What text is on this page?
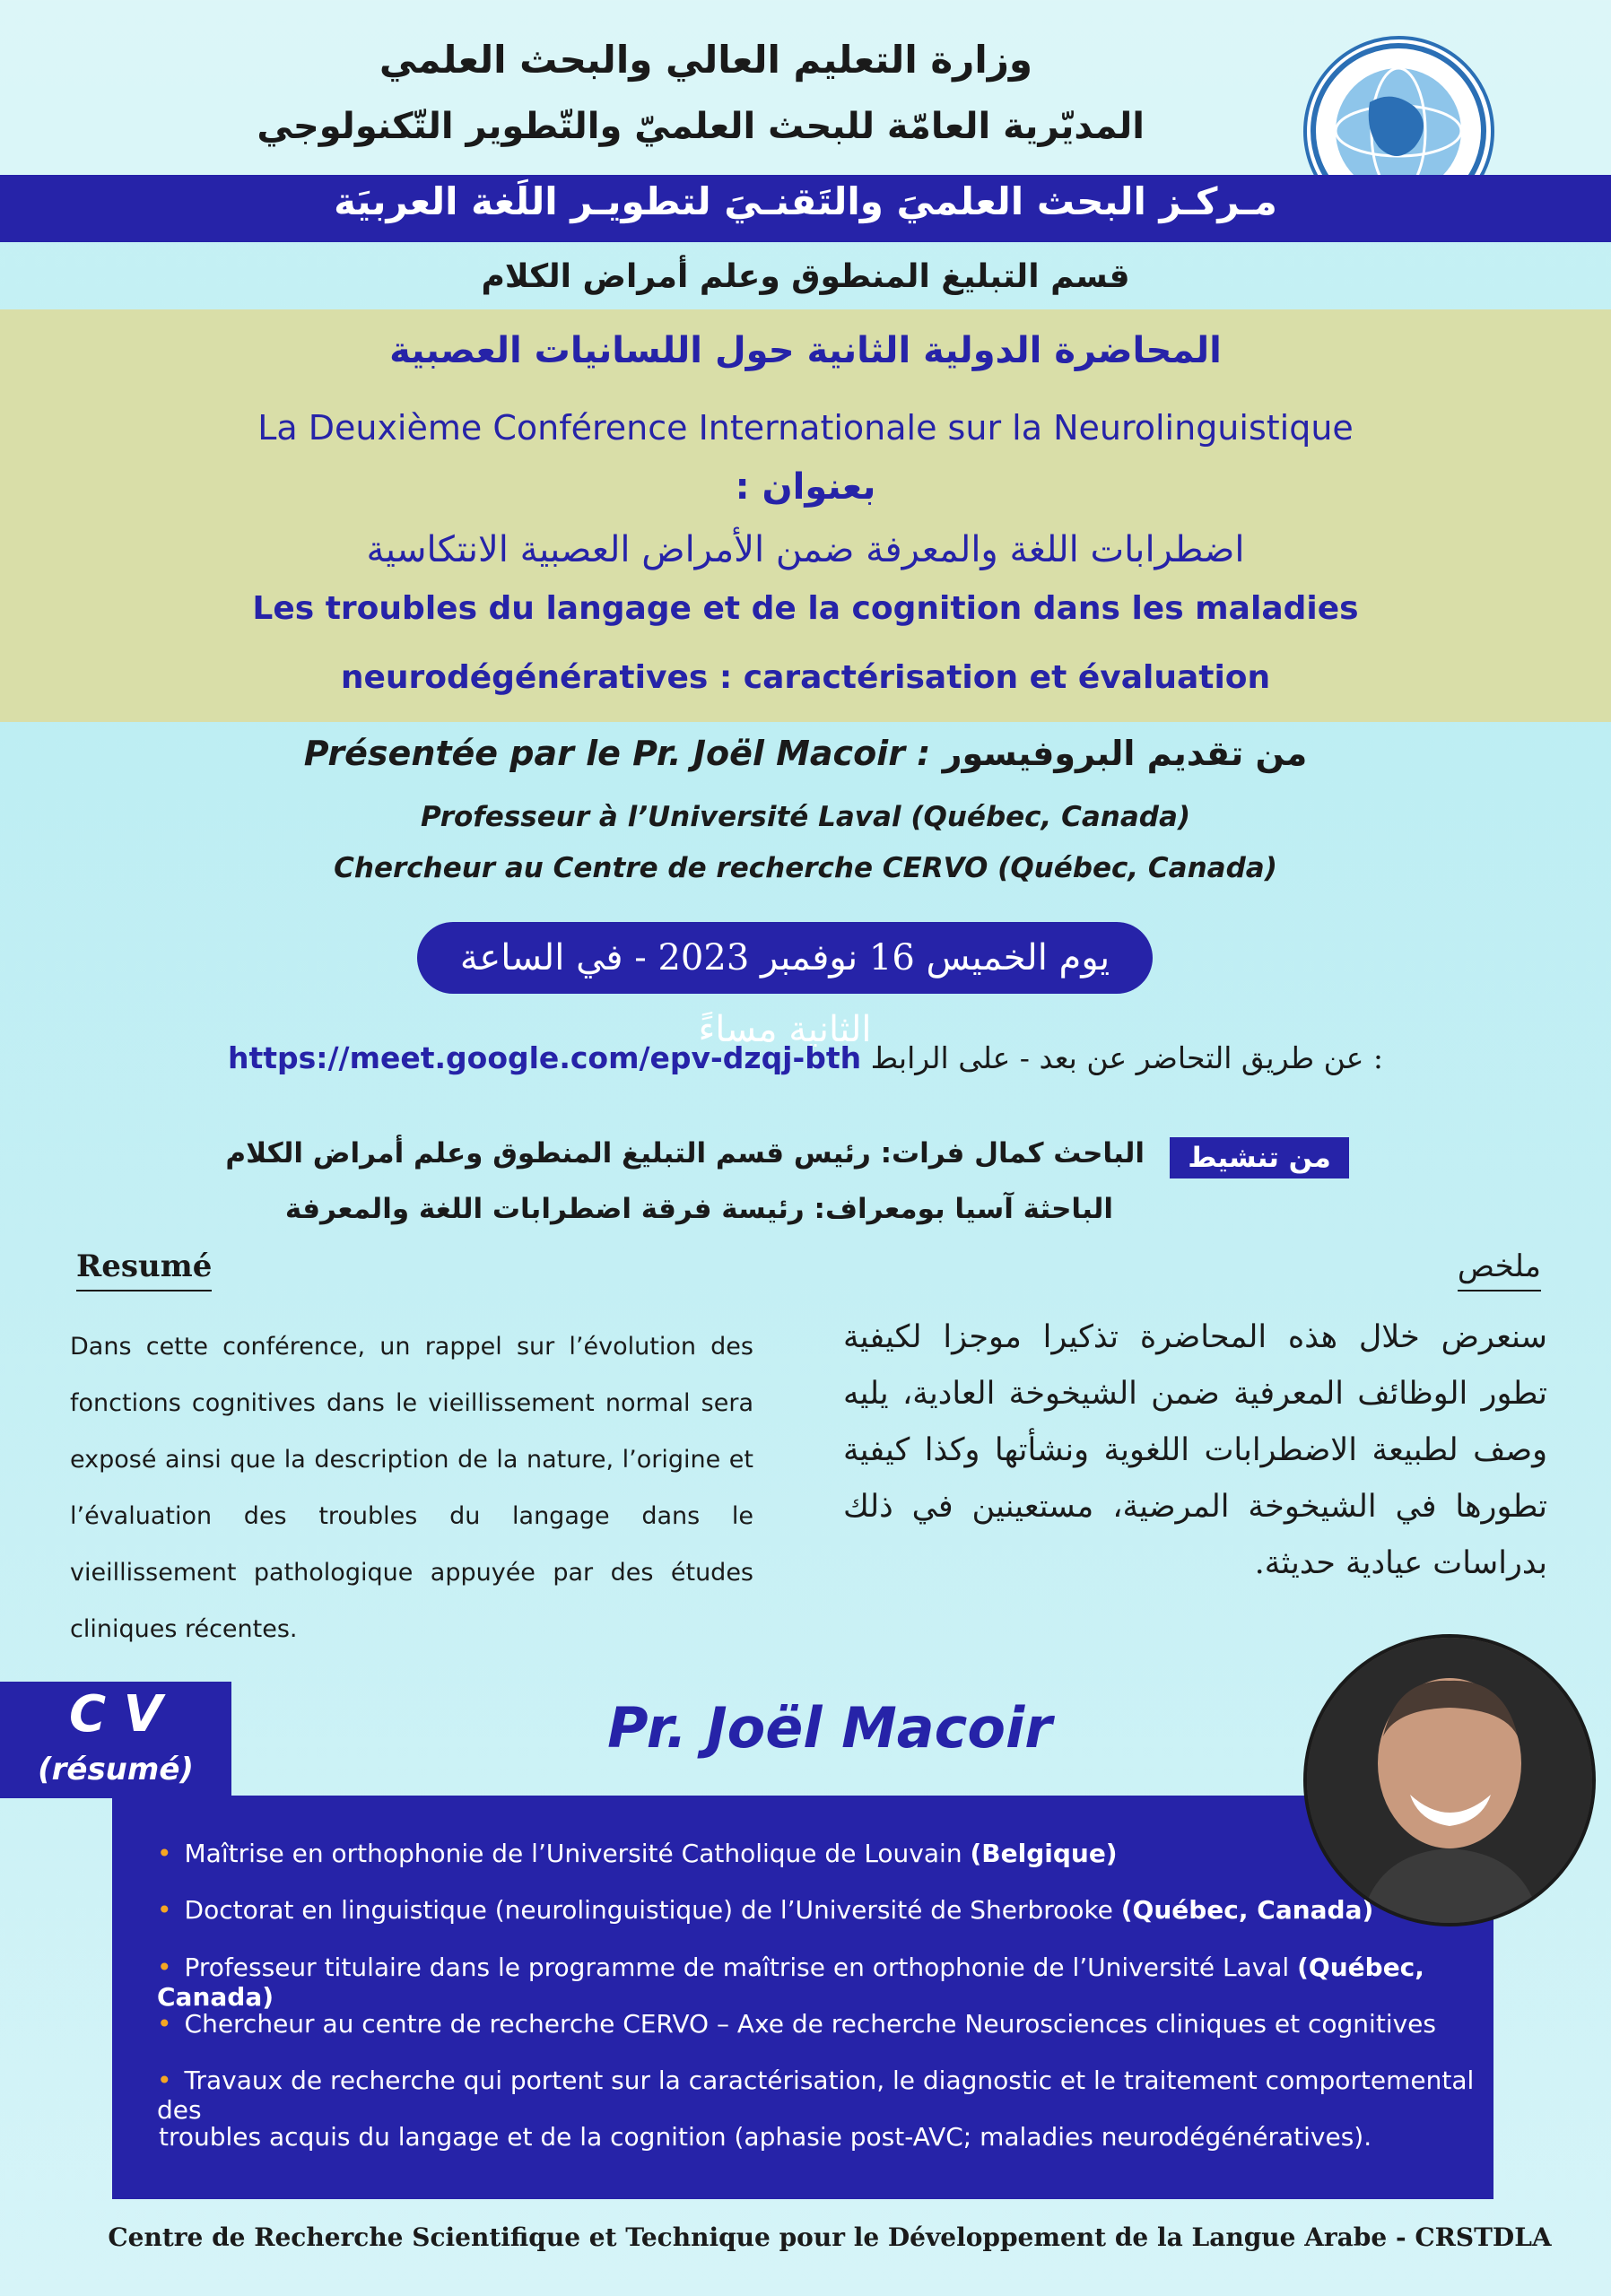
وزارة التعليم العالي والبحث العلمي
المديّرية العامّة للبحث العلميّ والتّطوير التّكنولوجي
مـركـز البحث العلميَ والتَقنـيَ لتطويـر اللَغة العربيَة
قسم التبليغ المنطوق وعلم أمراض الكلام
المحاضرة الدولية الثانية حول اللسانيات العصبية
La Deuxième Conférence Internationale sur la Neurolinguistique
بعنوان :
اضطرابات اللغة والمعرفة ضمن الأمراض العصبية الانتكاسية
Les troubles du langage et de la cognition dans les maladies
neurodégénératives : caractérisation et évaluation
Présentée par le Pr. Joël Macoir : من تقديم البروفيسور
Professeur à l’Université Laval (Québec, Canada)
Chercheur au Centre de recherche CERVO (Québec, Canada)
يوم الخميس 16 نوفمبر 2023 - في الساعة الثانية مساءً
https://meet.google.com/epv-dzqj-bth عن طريق التحاضر عن بعد - على الرابط :
من تنشيط
الباحث كمال فرات: رئيس قسم التبليغ المنطوق وعلم أمراض الكلام
الباحثة آسيا بومعراف: رئيسة فرقة اضطرابات اللغة والمعرفة
Resumé	ملخص
Dans cette conférence, un rappel sur l’évolution des fonctions cognitives dans le vieillissement normal sera exposé ainsi que la description de la nature, l’origine et l’évaluation des troubles du langage dans le vieillissement pathologique appuyée par des études cliniques récentes.
سنعرض خلال هذه المحاضرة تذكيرا موجزا لكيفية تطور الوظائف المعرفية ضمن الشيخوخة العادية، يليه وصف لطبيعة الاضطرابات اللغوية ونشأتها وكذا كيفية تطورها في الشيخوخة المرضية، مستعينين في ذلك بدراسات عيادية حديثة.
C V
(résumé)
Pr. Joël Macoir
• Maîtrise en orthophonie de l’Université Catholique de Louvain (Belgique)
• Doctorat en linguistique (neurolinguistique) de l’Université de Sherbrooke (Québec, Canada)
• Professeur titulaire dans le programme de maîtrise en orthophonie de l’Université Laval (Québec, Canada)
• Chercheur au centre de recherche CERVO – Axe de recherche Neurosciences cliniques et cognitives
• Travaux de recherche qui portent sur la caractérisation, le diagnostic et le traitement comportemental des
troubles acquis du langage et de la cognition (aphasie post-AVC; maladies neurodégénératives).
Centre de Recherche Scientifique et Technique pour le Développement de la Langue Arabe - CRSTDLA
